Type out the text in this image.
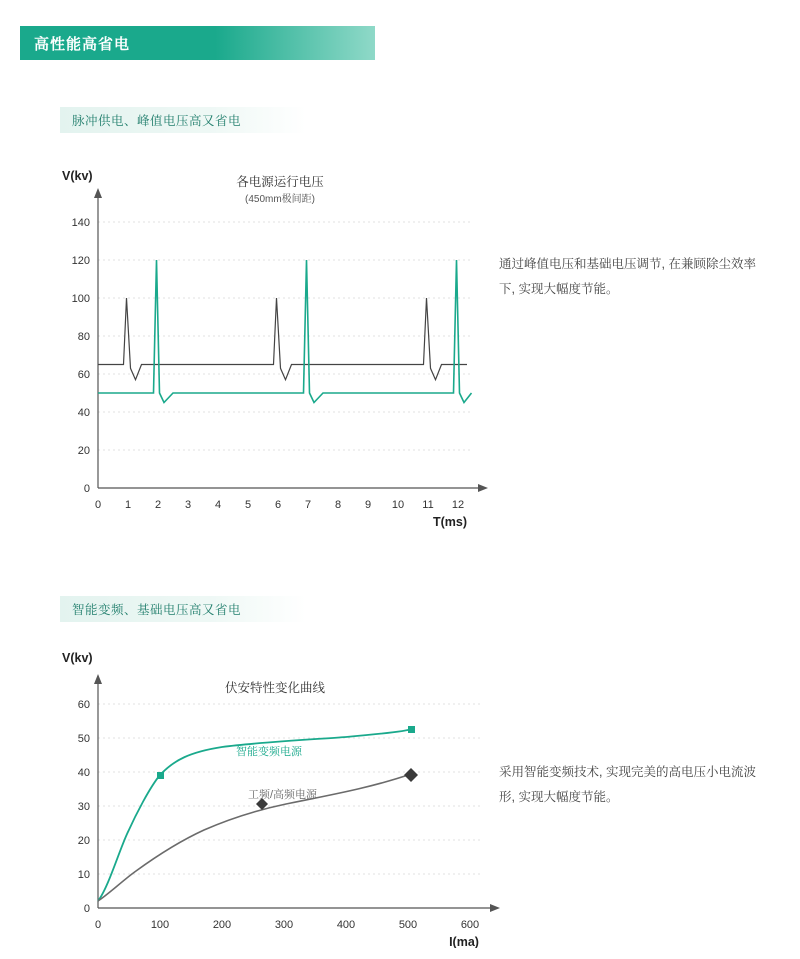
高性能高省电
脉冲供电、峰值电压高又省电
通过峰值电压和基础电压调节, 在兼顾除尘效率下, 实现大幅度节能。
0
20
40
60
80
100
120
140
0 1 2 3 4 5 6 7 8 9 10 11 12
各电源运行电压
(450mm极间距)
V(kv)
T(ms)
智能变频、基础电压高又省电
采用智能变频技术, 实现完美的高电压小电流波形, 实现大幅度节能。
0
10
20
30
40
50
60
0	100	200	300	400	500	600
伏安特性变化曲线
V(kv)
I(ma)
智能变频电源
工频/高频电源
